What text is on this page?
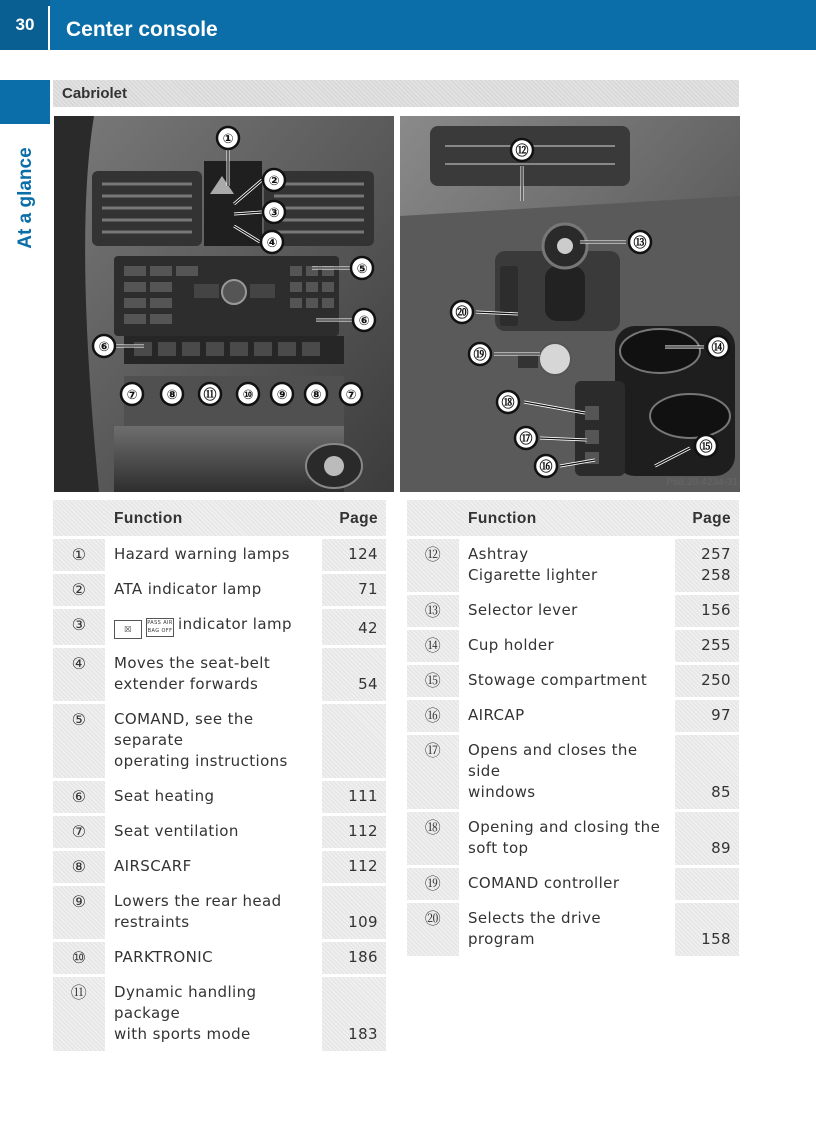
30	Center console
At a glance
Cabriolet
①
②
③
④
⑤
⑥
⑥
⑦ ⑧ ⑪ ⑩ ⑨ ⑧ ⑦
P68.20-4234-31
⑫
⑬
⑳
⑲	⑭
⑱
⑰
⑮
⑯
	Function	Page
①	Hazard warning lamps	124

②	ATA indicator lamp	71

③	☒PASS AIR BAG OFF indicator lamp	42

④	Moves the seat-belt
extender forwards	54

⑤	COMAND, see the separate
operating instructions	

⑥	Seat heating	111

⑦	Seat ventilation	112

⑧	AIRSCARF	112

⑨	Lowers the rear head
restraints	109

⑩	PARKTRONIC	186

⑪	Dynamic handling package
with sports mode	183
	Function	Page
⑫	Ashtray
Cigarette lighter	257
258

⑬	Selector lever	156

⑭	Cup holder	255

⑮	Stowage compartment	250

⑯	AIRCAP	97

⑰	Opens and closes the side
windows	85

⑱	Opening and closing the
soft top	89

⑲	COMAND controller	

⑳	Selects the drive program	158
